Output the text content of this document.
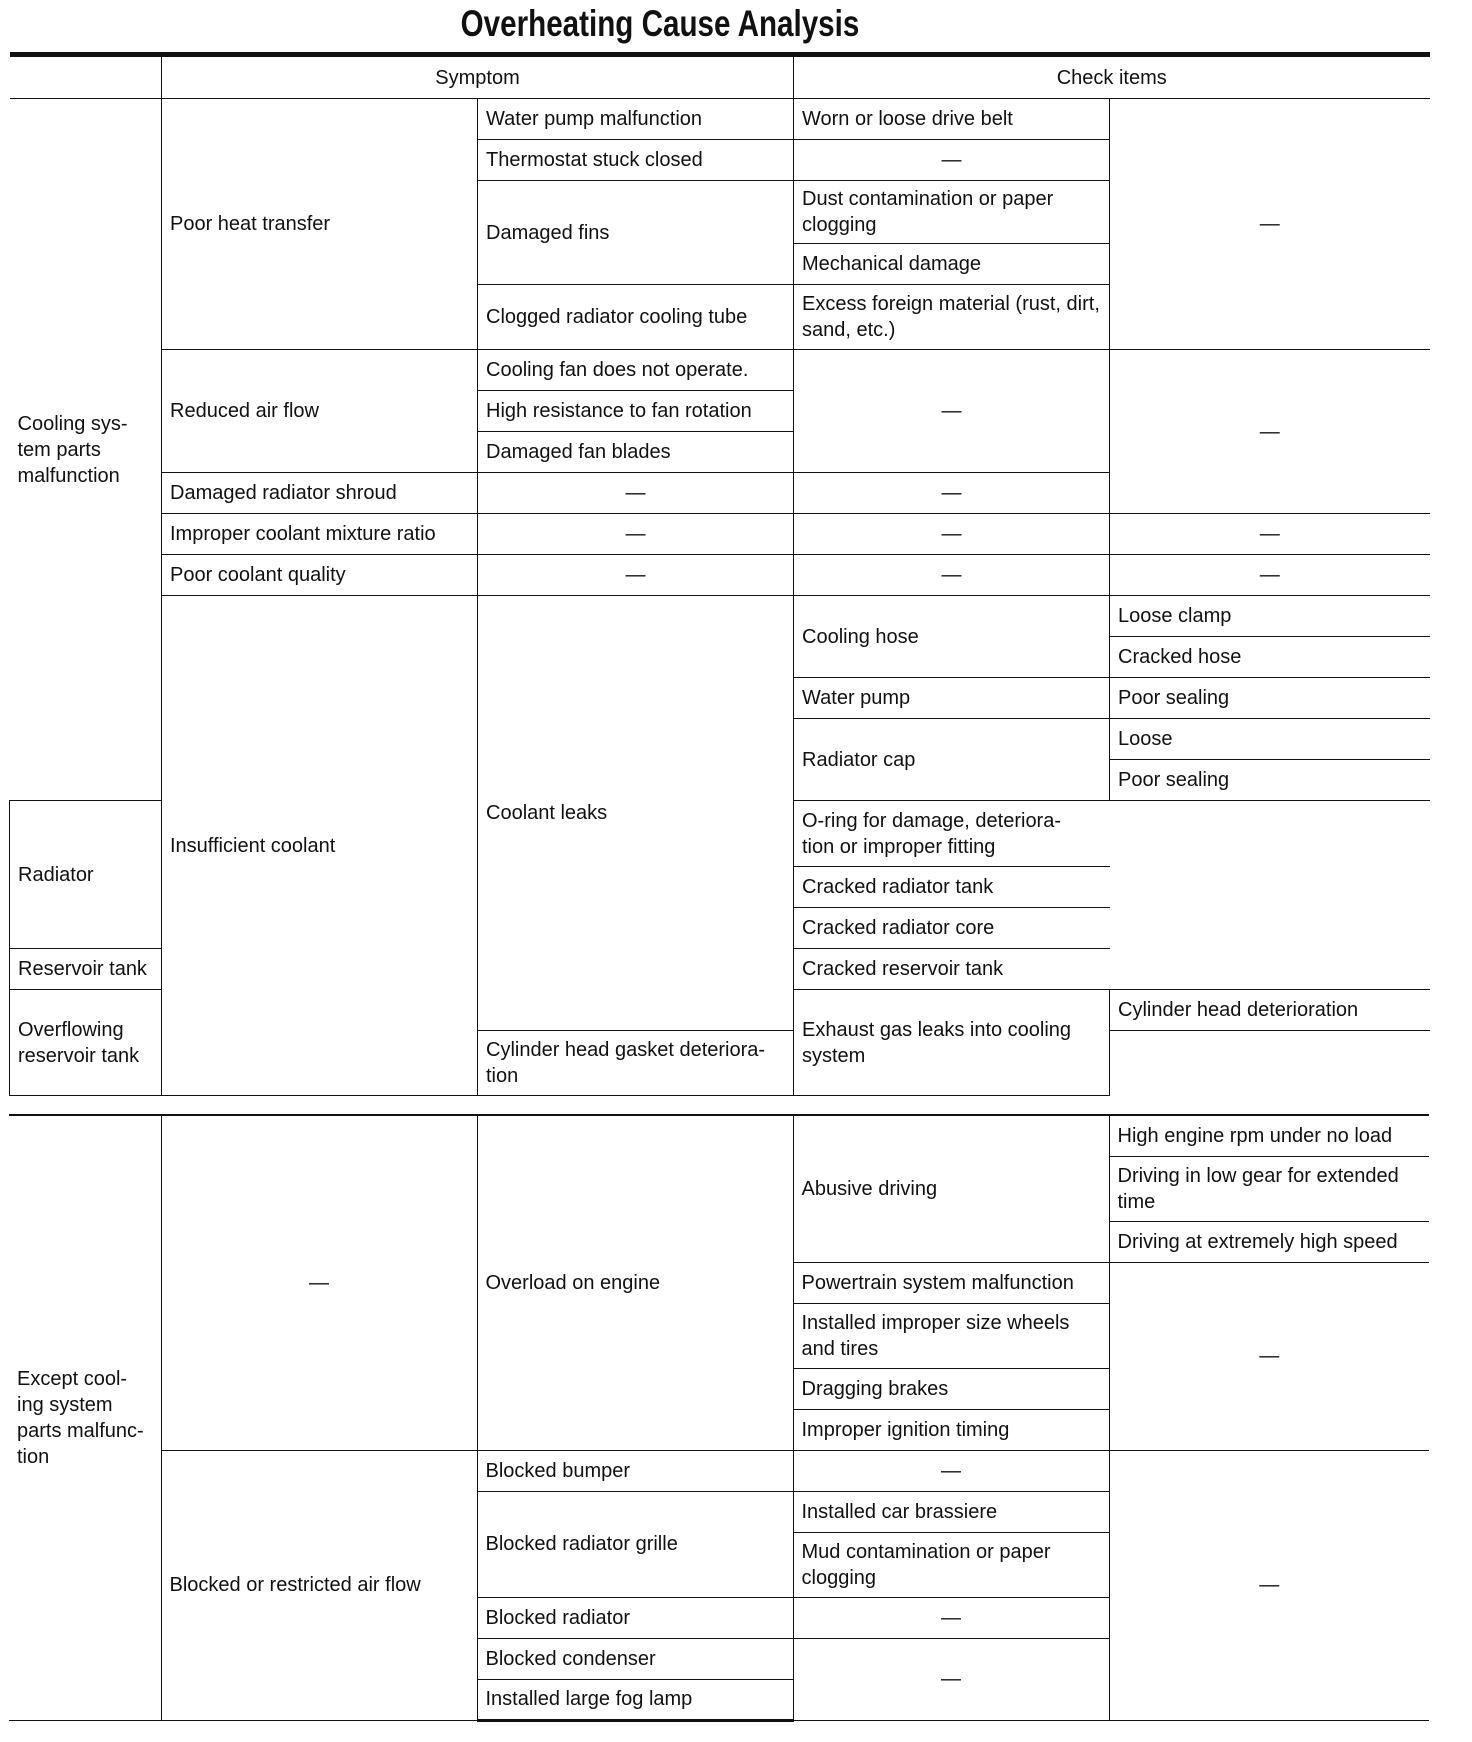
Overheating Cause Analysis
	Symptom		Check items	
Cooling sys-
tem parts
malfunction	Poor heat transfer	Water pump malfunction	Worn or loose drive belt	—
		Thermostat stuck closed	—	
		Damaged fins	Dust contamination or paper clogging	
			Mechanical damage	
		Clogged radiator cooling tube	Excess foreign material (rust, dirt, sand, etc.)	
	Reduced air flow	Cooling fan does not operate.	—	—
		High resistance to fan rotation		
		Damaged fan blades		
	Damaged radiator shroud	—	—	
	Improper coolant mixture ratio	—	—	—
	Poor coolant quality	—	—	—
	Insufficient coolant	Coolant leaks	Cooling hose	Loose clamp
				Cracked hose
			Water pump	Poor sealing
			Radiator cap	Loose
				Poor sealing
Radiator			O-ring for damage, deteriora-
tion or improper fitting	
			Cracked radiator tank	
			Cracked radiator core	
Reservoir tank			Cracked reservoir tank	
Overflowing reservoir tank			Exhaust gas leaks into cooling system	Cylinder head deterioration
		Cylinder head gasket deteriora-
tion		
Except cool-
ing system
parts malfunc-
tion	—	Overload on engine	Abusive driving	High engine rpm under no load
				Driving in low gear for extended
time
				Driving at extremely high speed
			Powertrain system malfunction	—
			Installed improper size wheels and tires	
			Dragging brakes	
			Improper ignition timing	

	Blocked or restricted air flow	Blocked bumper	—	—
		Blocked radiator grille	Installed car brassiere	
			Mud contamination or paper clogging	
		Blocked radiator	—	
		Blocked condenser	—	
		Installed large fog lamp		
